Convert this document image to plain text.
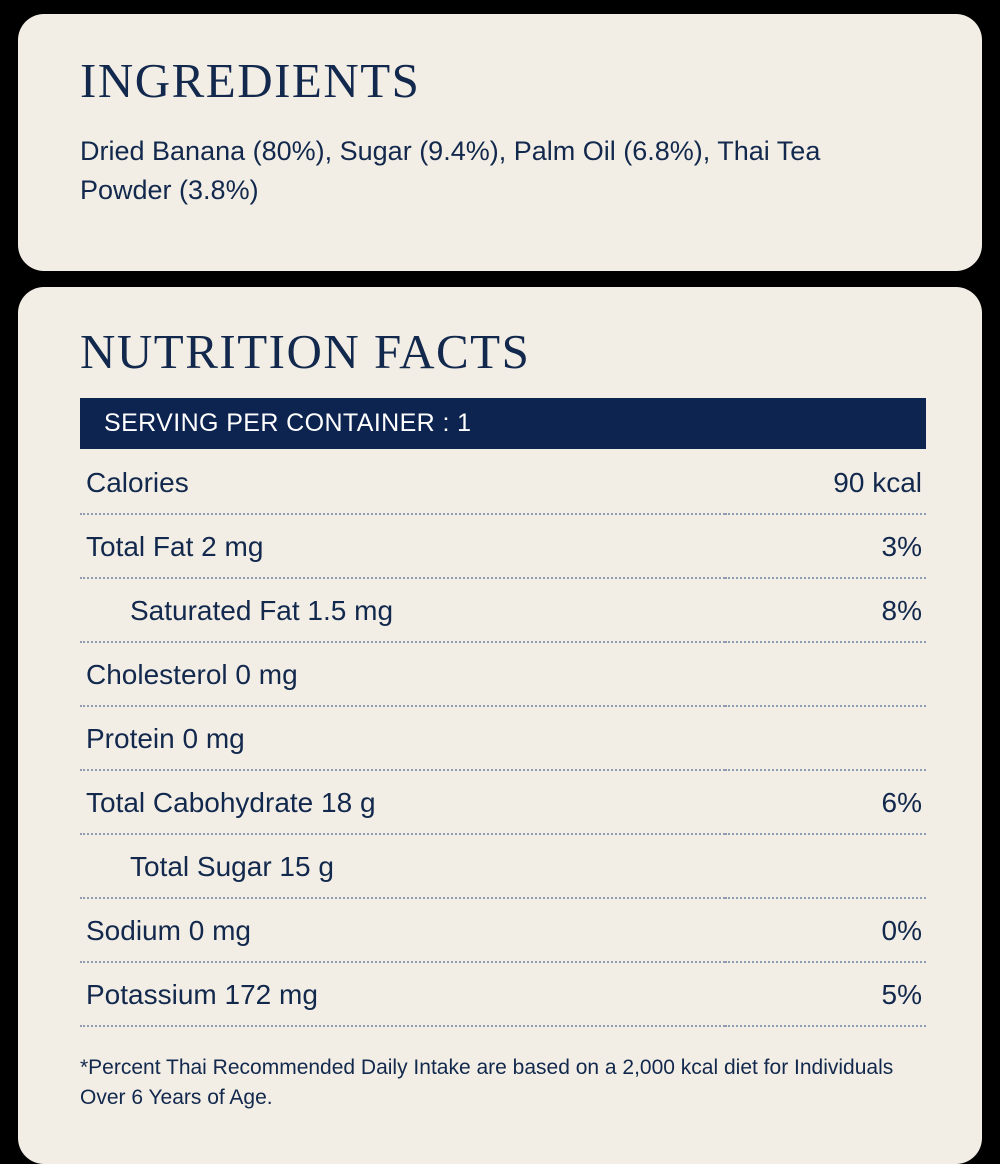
INGREDIENTS

Dried Banana (80%), Sugar (9.4%), Palm Oil (6.8%), Thai Tea Powder (3.8%)

NUTRITION FACTS
SERVING PER CONTAINER : 1
Calories	90 kcal
Total Fat 2 mg	3%
Saturated Fat 1.5 mg	8%
Cholesterol 0 mg	
Protein 0 mg	
Total Cabohydrate 18 g	6%
Total Sugar 15 g	
Sodium 0 mg	0%
Potassium 172 mg	5%

*Percent Thai Recommended Daily Intake are based on a 2,000 kcal diet for Individuals Over 6 Years of Age.
